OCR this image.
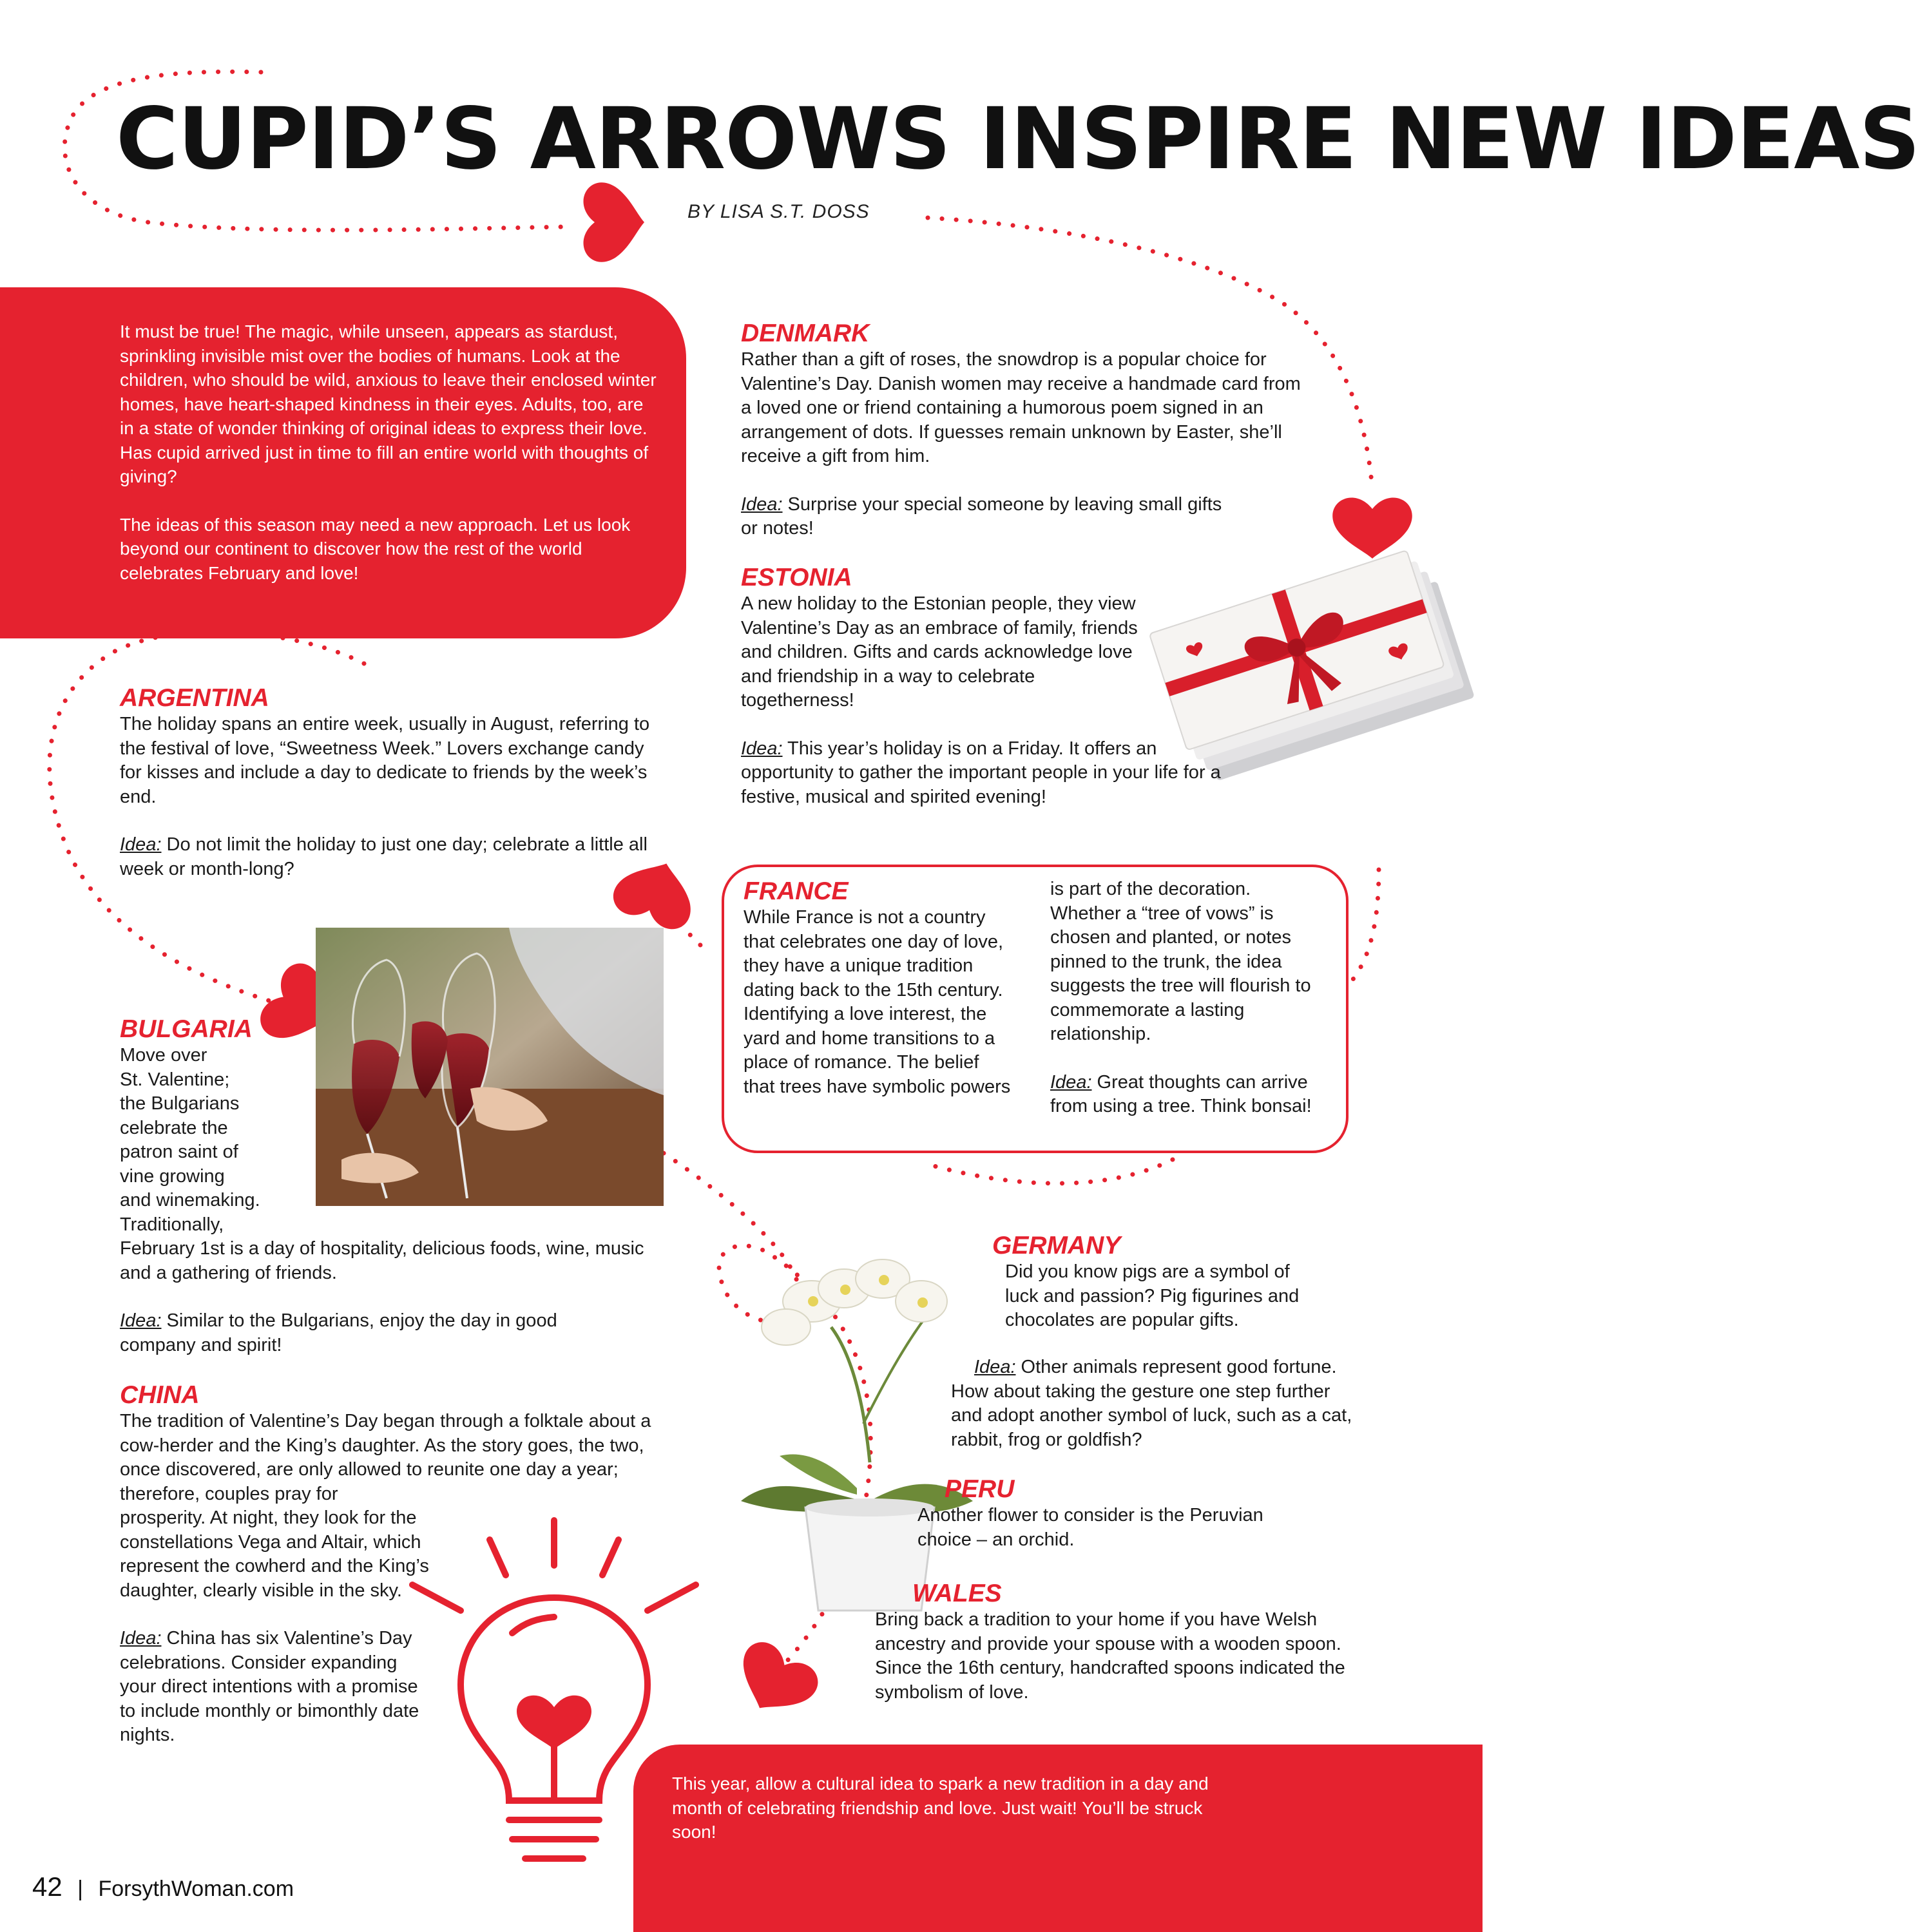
CUPID’S ARROWS INSPIRE NEW IDEAS
BY LISA S.T. DOSS

It must be true! The magic, while unseen, appears as stardust, sprinkling invisible mist over the bodies of humans. Look at the children, who should be wild, anxious to leave their enclosed winter homes, have heart-shaped kindness in their eyes. Adults, too, are in a state of wonder thinking of original ideas to express their love. Has cupid arrived just in time to fill an entire world with thoughts of giving?

The ideas of this season may need a new approach. Let us look beyond our continent to discover how the rest of the world celebrates February and love!

DENMARK

Rather than a gift of roses, the snowdrop is a popular choice for Valentine’s Day. Danish women may receive a handmade card from a loved one or friend containing a humorous poem signed in an arrangement of dots. If guesses remain unknown by Easter, she’ll receive a gift from him.

Idea: Surprise your special someone by leaving small gifts or notes!

ESTONIA

A new holiday to the Estonian people, they view Valentine’s Day as an embrace of family, friends and children. Gifts and cards acknowledge love and friendship in a way to celebrate togetherness!

Idea: This year’s holiday is on a Friday. It offers an opportunity to gather the important people in your life for a festive, musical and spirited evening!

ARGENTINA

The holiday spans an entire week, usually in August, referring to the festival of love, “Sweetness Week.” Lovers exchange candy for kisses and include a day to dedicate to friends by the week’s end.

Idea: Do not limit the holiday to just one day; celebrate a little all week or month-long?

FRANCE

While France is not a country that celebrates one day of love, they have a unique tradition dating back to the 15th century. Identifying a love interest, the yard and home transitions to a place of romance. The belief that trees have symbolic powers

is part of the decoration. Whether a “tree of vows” is chosen and planted, or notes pinned to the trunk, the idea suggests the tree will flourish to commemorate a lasting relationship.

Idea: Great thoughts can arrive from using a tree. Think bonsai!

BULGARIA
Move over
St. Valentine;
the Bulgarians
celebrate the
patron saint of
vine growing
and winemaking.
Traditionally,

February 1st is a day of hospitality, delicious foods, wine, music and a gathering of friends.

Idea: Similar to the Bulgarians, enjoy the day in good company and spirit!

GERMANY

Did you know pigs are a symbol of luck and passion? Pig figurines and chocolates are popular gifts.

Idea: Other animals represent good fortune. How about taking the gesture one step further and adopt another symbol of luck, such as a cat, rabbit, frog or goldfish?

CHINA

The tradition of Valentine’s Day began through a folktale about a cow-herder and the King’s daughter. As the story goes, the two, once discovered, are only allowed to reunite one day a year; therefore, couples pray for

prosperity. At night, they look for the constellations Vega and Altair, which represent the cowherd and the King’s daughter, clearly visible in the sky.

Idea: China has six Valentine’s Day celebrations. Consider expanding your direct intentions with a promise to include monthly or bimonthly date nights.

PERU

Another flower to consider is the Peruvian choice – an orchid.

WALES

Bring back a tradition to your home if you have Welsh ancestry and provide your spouse with a wooden spoon. Since the 16th century, handcrafted spoons indicated the symbolism of love.

This year, allow a cultural idea to spark a new tradition in a day and month of celebrating friendship and love. Just wait! You’ll be struck soon!

42 | ForsythWoman.com
